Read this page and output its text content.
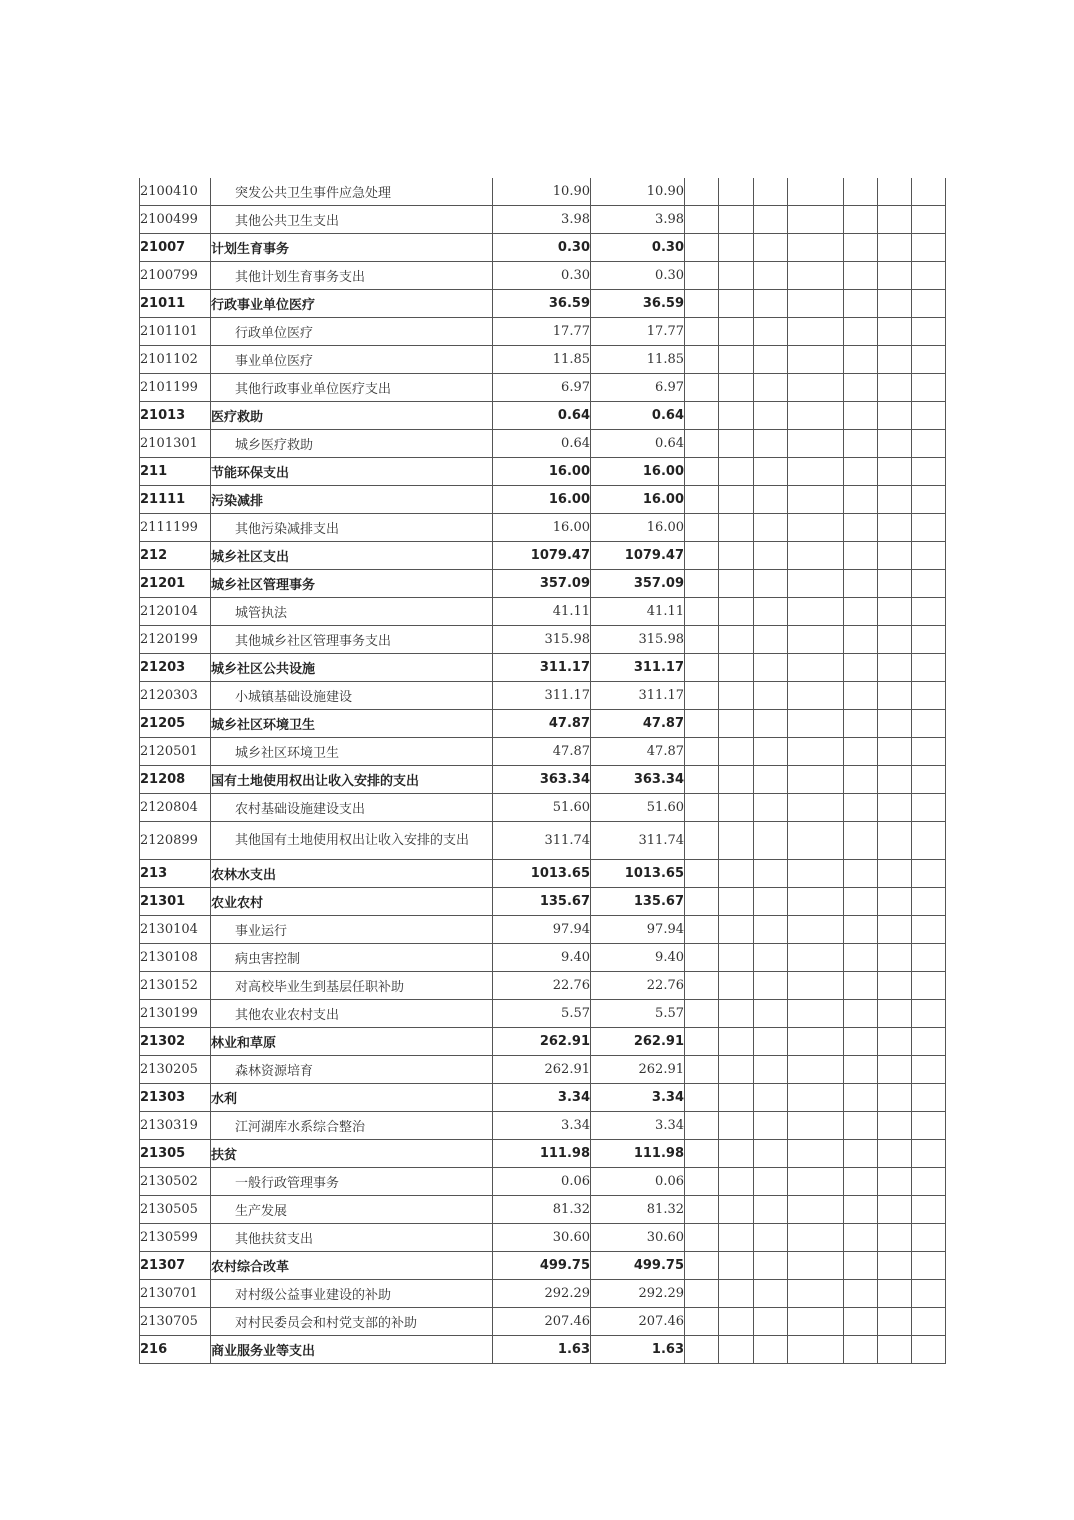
2100410	突发公共卫生事件应急处理	10.90	10.90							
2100499	其他公共卫生支出	3.98	3.98							
21007	计划生育事务	0.30	0.30							
2100799	其他计划生育事务支出	0.30	0.30							
21011	行政事业单位医疗	36.59	36.59							
2101101	行政单位医疗	17.77	17.77							
2101102	事业单位医疗	11.85	11.85							
2101199	其他行政事业单位医疗支出	6.97	6.97							
21013	医疗救助	0.64	0.64							
2101301	城乡医疗救助	0.64	0.64							
211	节能环保支出	16.00	16.00							
21111	污染减排	16.00	16.00							
2111199	其他污染减排支出	16.00	16.00							
212	城乡社区支出	1079.47	1079.47							
21201	城乡社区管理事务	357.09	357.09							
2120104	城管执法	41.11	41.11							
2120199	其他城乡社区管理事务支出	315.98	315.98							
21203	城乡社区公共设施	311.17	311.17							
2120303	小城镇基础设施建设	311.17	311.17							
21205	城乡社区环境卫生	47.87	47.87							
2120501	城乡社区环境卫生	47.87	47.87							
21208	国有土地使用权出让收入安排的支出	363.34	363.34							
2120804	农村基础设施建设支出	51.60	51.60							
2120899	其他国有土地使用权出让收入安排的支出	311.74	311.74							
213	农林水支出	1013.65	1013.65							
21301	农业农村	135.67	135.67							
2130104	事业运行	97.94	97.94							
2130108	病虫害控制	9.40	9.40							
2130152	对高校毕业生到基层任职补助	22.76	22.76							
2130199	其他农业农村支出	5.57	5.57							
21302	林业和草原	262.91	262.91							
2130205	森林资源培育	262.91	262.91							
21303	水利	3.34	3.34							
2130319	江河湖库水系综合整治	3.34	3.34							
21305	扶贫	111.98	111.98							
2130502	一般行政管理事务	0.06	0.06							
2130505	生产发展	81.32	81.32							
2130599	其他扶贫支出	30.60	30.60							
21307	农村综合改革	499.75	499.75							
2130701	对村级公益事业建设的补助	292.29	292.29							
2130705	对村民委员会和村党支部的补助	207.46	207.46							
216	商业服务业等支出	1.63	1.63							
